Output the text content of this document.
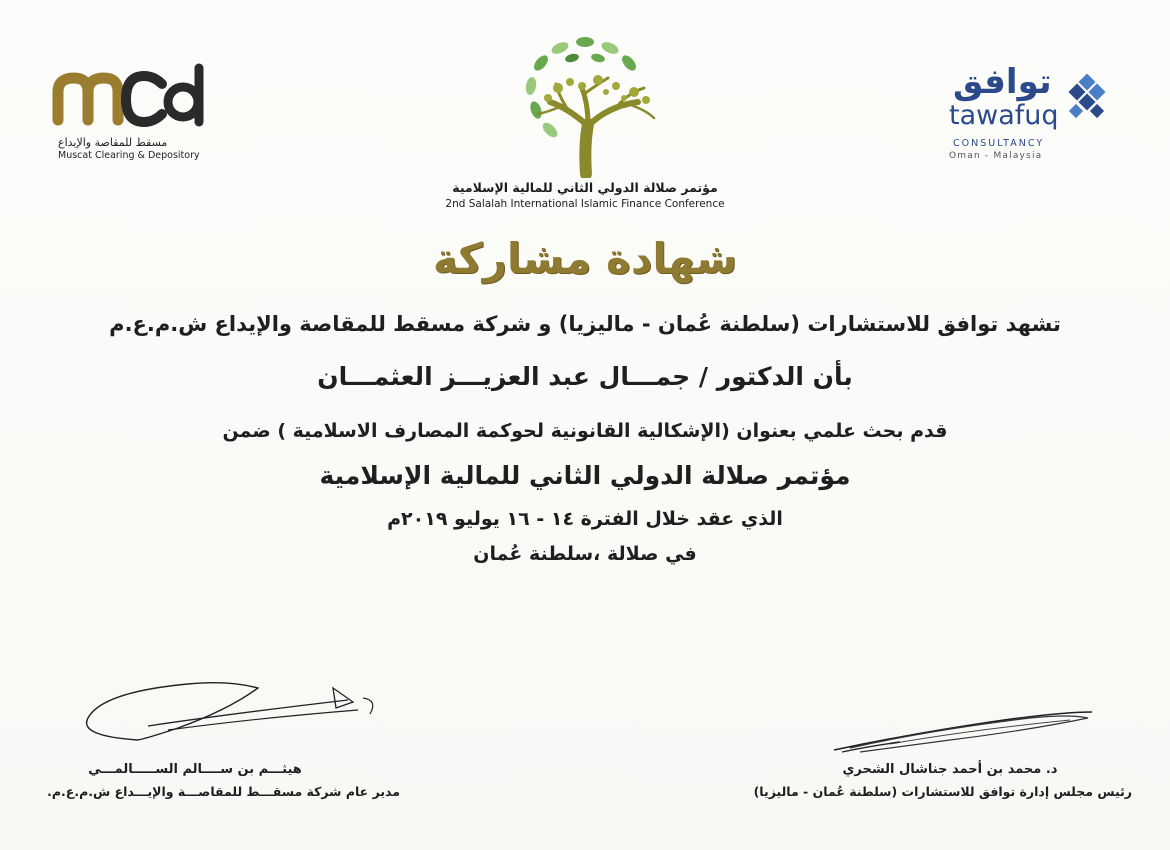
مسقط للمقاصة والإيداع
Muscat Clearing & Depository
مؤتمر صلالة الدولي الثاني للمالية الإسلامية
2nd Salalah International Islamic Finance Conference
توافق
tawafuq
CONSULTANCY
Oman - Malaysia
شهادة مشاركة
تشهد توافق للاستشارات (سلطنة عُمان - ماليزيا) و شركة مسقط للمقاصة والإيداع ش.م.ع.م
بأن الدكتور / جمـــال عبد العزيـــز العثمـــان
قدم بحث علمي بعنوان (الإشكالية القانونية لحوكمة المصارف الاسلامية ) ضمن
مؤتمر صلالة الدولي الثاني للمالية الإسلامية
الذي عقد خلال الفترة ١٤ - ١٦ يوليو ٢٠١٩م
في صلالة ،سلطنة عُمان
هيثـــم بن ســــالم الســـــالمـــي
مدير عام شركة مسقـــط للمقاصـــة والإيـــداع ش.م.ع.م.
د. محمد بن أحمد جناشال الشحري
رئيس مجلس إدارة توافق للاستشارات (سلطنة عُمان - ماليزيا)
